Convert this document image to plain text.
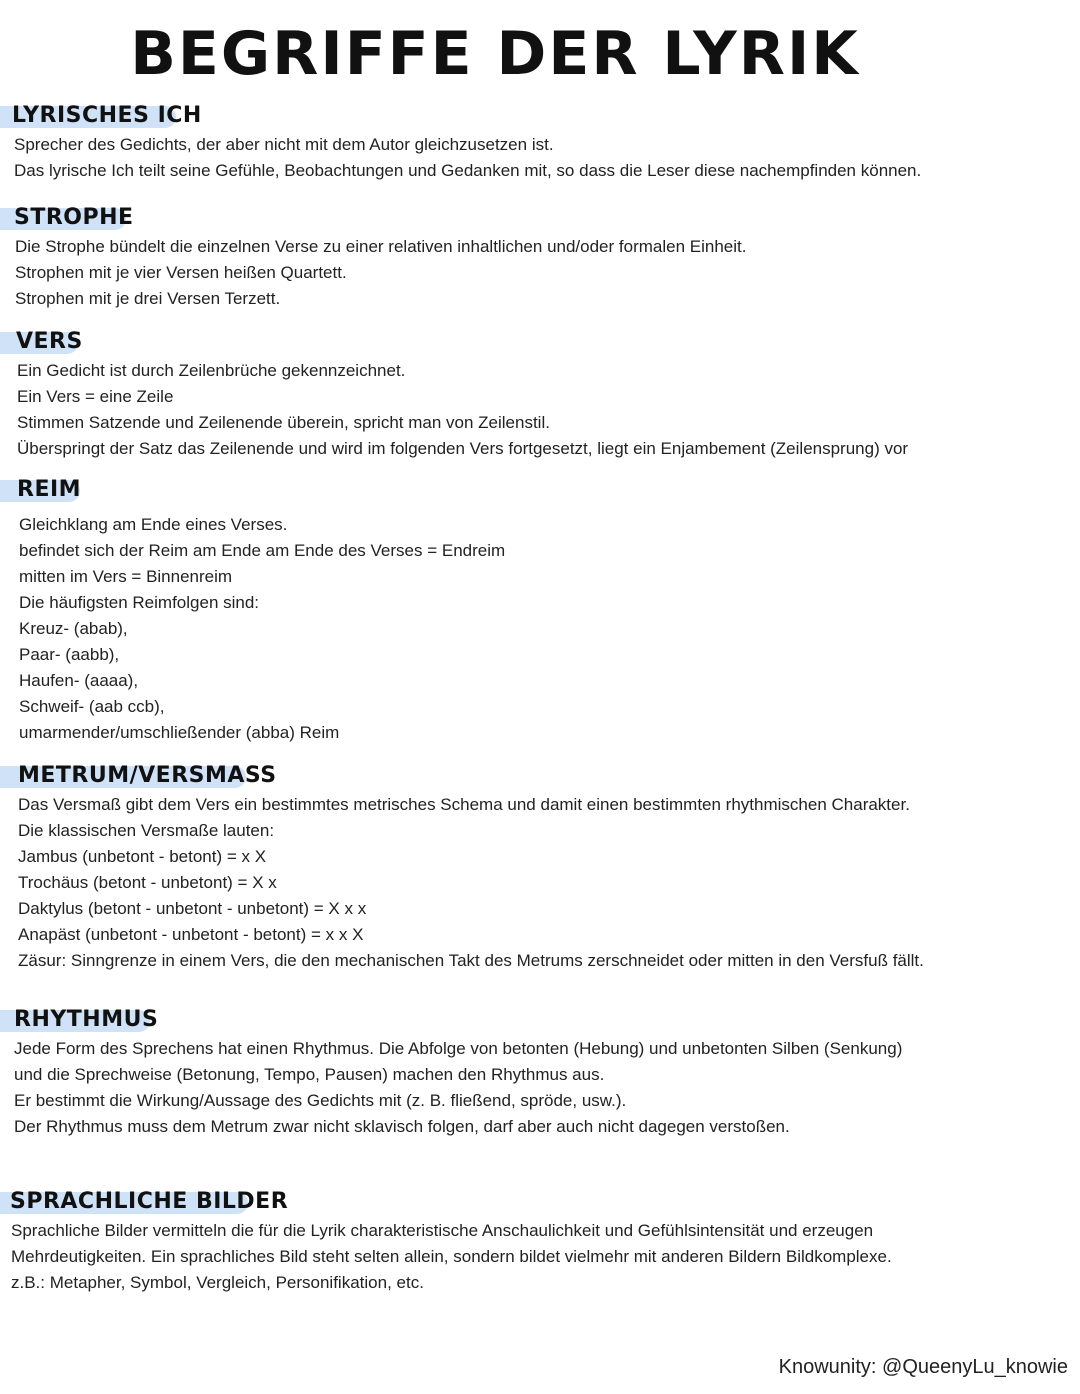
BEGRIFFE DER LYRIK
LYRISCHES ICH
Sprecher des Gedichts, der aber nicht mit dem Autor gleichzusetzen ist.
Das lyrische Ich teilt seine Gefühle, Beobachtungen und Gedanken mit, so dass die Leser diese nachempfinden können.
STROPHE
Die Strophe bündelt die einzelnen Verse zu einer relativen inhaltlichen und/oder formalen Einheit.
Strophen mit je vier Versen heißen Quartett.
Strophen mit je drei Versen Terzett.
VERS
Ein Gedicht ist durch Zeilenbrüche gekennzeichnet.
Ein Vers = eine Zeile
Stimmen Satzende und Zeilenende überein, spricht man von Zeilenstil.
Überspringt der Satz das Zeilenende und wird im folgenden Vers fortgesetzt, liegt ein Enjambement (Zeilensprung) vor
REIM
Gleichklang am Ende eines Verses.
befindet sich der Reim am Ende am Ende des Verses = Endreim
mitten im Vers = Binnenreim
Die häufigsten Reimfolgen sind:
Kreuz- (abab),
Paar- (aabb),
Haufen- (aaaa),
Schweif- (aab ccb),
umarmender/umschließender (abba) Reim
METRUM/VERSMASS
Das Versmaß gibt dem Vers ein bestimmtes metrisches Schema und damit einen bestimmten rhythmischen Charakter.
Die klassischen Versmaße lauten:
Jambus (unbetont - betont) = x X
Trochäus (betont - unbetont) = X x
Daktylus (betont - unbetont - unbetont) = X x x
Anapäst (unbetont - unbetont - betont) = x x X
Zäsur: Sinngrenze in einem Vers, die den mechanischen Takt des Metrums zerschneidet oder mitten in den Versfuß fällt.
RHYTHMUS
Jede Form des Sprechens hat einen Rhythmus. Die Abfolge von betonten (Hebung) und unbetonten Silben (Senkung)
und die Sprechweise (Betonung, Tempo, Pausen) machen den Rhythmus aus.
Er bestimmt die Wirkung/Aussage des Gedichts mit (z. B. fließend, spröde, usw.).
Der Rhythmus muss dem Metrum zwar nicht sklavisch folgen, darf aber auch nicht dagegen verstoßen.
SPRACHLICHE BILDER
Sprachliche Bilder vermitteln die für die Lyrik charakteristische Anschaulichkeit und Gefühlsintensität und erzeugen
Mehrdeutigkeiten. Ein sprachliches Bild steht selten allein, sondern bildet vielmehr mit anderen Bildern Bildkomplexe.
z.B.: Metapher, Symbol, Vergleich, Personifikation, etc.
Knowunity: @QueenyLu_knowie
